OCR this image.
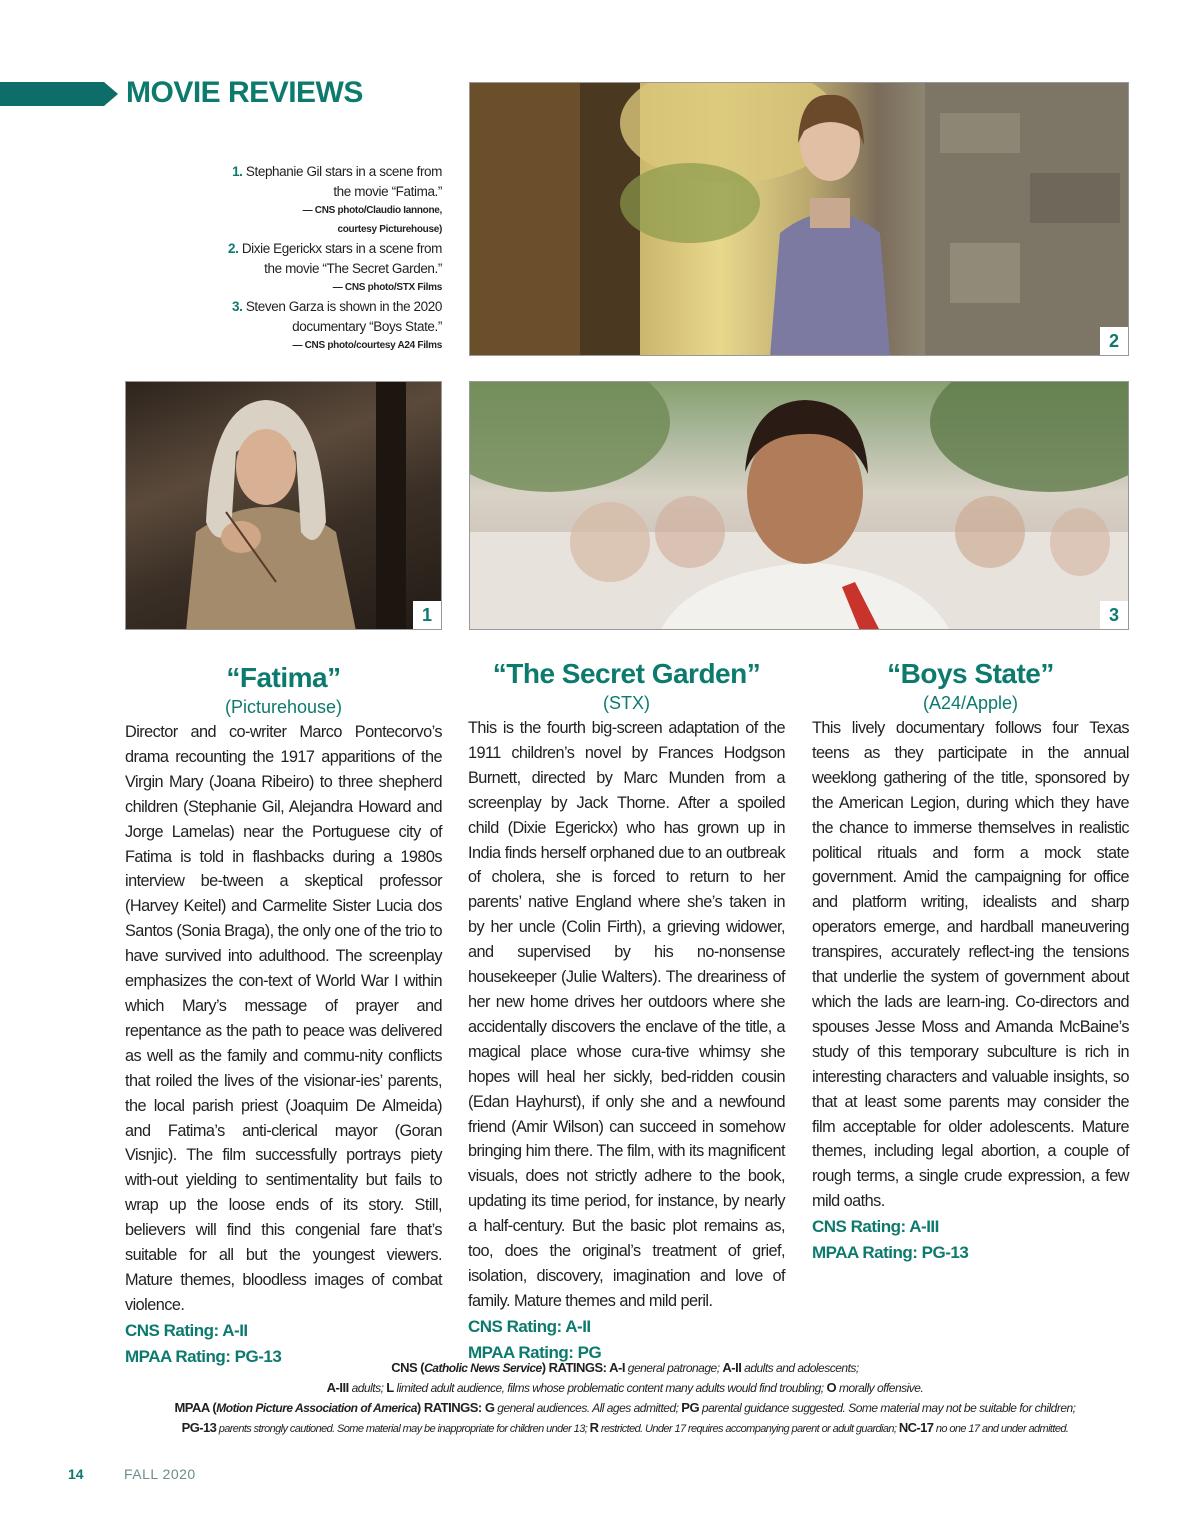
MOVIE REVIEWS
1. Stephanie Gil stars in a scene from
the movie “Fatima.”
— CNS photo/Claudio Iannone,
courtesy Picturehouse)
2. Dixie Egerickx stars in a scene from
the movie “The Secret Garden.”
— CNS photo/STX Films
3. Steven Garza is shown in the 2020
documentary “Boys State.”
— CNS photo/courtesy A24 Films	2
1	3
“Fatima”
(Picturehouse)
Director and co-writer Marco Pontecorvo’s drama recounting the 1917 apparitions of the Virgin Mary (Joana Ribeiro) to three shepherd children (Stephanie Gil, Alejandra Howard and Jorge Lamelas) near the Portuguese city of Fatima is told in flashbacks during a 1980s interview be-tween a skeptical professor (Harvey Keitel) and Carmelite Sister Lucia dos Santos (Sonia Braga), the only one of the trio to have survived into adulthood. The screenplay emphasizes the con-text of World War I within which Mary’s message of prayer and repentance as the path to peace was delivered as well as the family and commu-nity conflicts that roiled the lives of the visionar-ies’ parents, the local parish priest (Joaquim De Almeida) and Fatima’s anti-clerical mayor (Goran Visnjic). The film successfully portrays piety with-out yielding to sentimentality but fails to wrap up the loose ends of its story. Still, believers will find this congenial fare that’s suitable for all but the youngest viewers. Mature themes, bloodless images of combat violence.
CNS Rating: A-II
MPAA Rating: PG-13
“The Secret Garden”
(STX)
This is the fourth big-screen adaptation of the 1911 children’s novel by Frances Hodgson Burnett, directed by Marc Munden from a screenplay by Jack Thorne. After a spoiled child (Dixie Egerickx) who has grown up in India finds herself orphaned due to an outbreak of cholera, she is forced to return to her parents’ native England where she’s taken in by her uncle (Colin Firth), a grieving widower, and supervised by his no-nonsense housekeeper (Julie Walters). The dreariness of her new home drives her outdoors where she accidentally discovers the enclave of the title, a magical place whose cura-tive whimsy she hopes will heal her sickly, bed-ridden cousin (Edan Hayhurst), if only she and a newfound friend (Amir Wilson) can succeed in somehow bringing him there. The film, with its magnificent visuals, does not strictly adhere to the book, updating its time period, for instance, by nearly a half-century. But the basic plot remains as, too, does the original’s treatment of grief, isolation, discovery, imagination and love of family. Mature themes and mild peril.
CNS Rating: A-II
MPAA Rating: PG
“Boys State”
(A24/Apple)
This lively documentary follows four Texas teens as they participate in the annual weeklong gathering of the title, sponsored by the American Legion, during which they have the chance to immerse themselves in realistic political rituals and form a mock state government. Amid the campaigning for office and platform writing, idealists and sharp operators emerge, and hardball maneuvering transpires, accurately reflect-ing the tensions that underlie the system of government about which the lads are learn-ing. Co-directors and spouses Jesse Moss and Amanda McBaine’s study of this temporary subculture is rich in interesting characters and valuable insights, so that at least some parents may consider the film acceptable for older adolescents. Mature themes, including legal abortion, a couple of rough terms, a single crude expression, a few mild oaths.
CNS Rating: A-III
MPAA Rating: PG-13
CNS (Catholic News Service) RATINGS: A-I general patronage; A-II adults and adolescents;
A-III adults; L limited adult audience, films whose problematic content many adults would find troubling; O morally offensive.
MPAA (Motion Picture Association of America) RATINGS: G general audiences. All ages admitted; PG parental guidance suggested. Some material may not be suitable for children;
PG-13 parents strongly cautioned. Some material may be inappropriate for children under 13; R restricted. Under 17 requires accompanying parent or adult guardian; NC-17 no one 17 and under admitted.
14	FALL 2020
